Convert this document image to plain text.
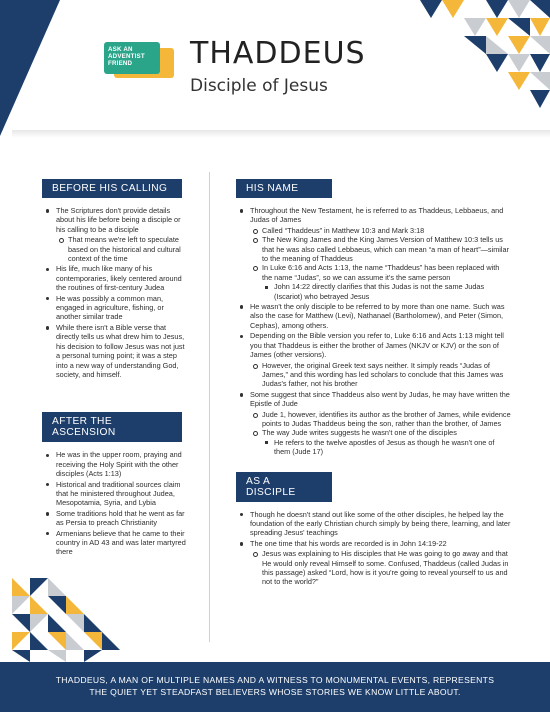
ASK AN ADVENTIST FRIEND	THADDEUS
Disciple of Jesus
BEFORE HIS CALLING
The Scriptures don't provide details about his life before being a disciple or his calling to be a disciple
That means we're left to speculate based on the historical and cultural context of the time
His life, much like many of his contemporaries, likely centered around the routines of first-century Judea
He was possibly a common man, engaged in agriculture, fishing, or another similar trade
While there isn't a Bible verse that directly tells us what drew him to Jesus, his decision to follow Jesus was not just a personal turning point; it was a step into a new way of understanding God, society, and himself.
AFTER THE ASCENSION
He was in the upper room, praying and receiving the Holy Spirit with the other disciples (Acts 1:13)
Historical and traditional sources claim that he ministered throughout Judea, Mesopotamia, Syria, and Lybia
Some traditions hold that he went as far as Persia to preach Christianity
Armenians believe that he came to their country in AD 43 and was later martyred there
HIS NAME
Throughout the New Testament, he is referred to as Thaddeus, Lebbaeus, and Judas of James
Called “Thaddeus” in Matthew 10:3 and Mark 3:18
The New King James and the King James Version of Matthew 10:3 tells us that he was also called Lebbaeus, which can mean “a man of heart”—similar to the meaning of Thaddeus
In Luke 6:16 and Acts 1:13, the name “Thaddeus” has been replaced with the name “Judas”, so we can assume it's the same person
John 14:22 directly clarifies that this Judas is not the same Judas (Iscariot) who betrayed Jesus
He wasn't the only disciple to be referred to by more than one name. Such was also the case for Matthew (Levi), Nathanael (Bartholomew), and Peter (Simon, Cephas), among others.
Depending on the Bible version you refer to, Luke 6:16 and Acts 1:13 might tell you that Thaddeus is either the brother of James (NKJV or KJV) or the son of James (other versions).
However, the original Greek text says neither. It simply reads “Judas of James,” and this wording has led scholars to conclude that this James was Judas's father, not his brother
Some suggest that since Thaddeus also went by Judas, he may have written the Epistle of Jude
Jude 1, however, identifies its author as the brother of James, while evidence points to Judas Thaddeus being the son, rather than the brother, of James
The way Jude writes suggests he wasn't one of the disciples
He refers to the twelve apostles of Jesus as though he wasn't one of them (Jude 17)
AS A DISCIPLE
Though he doesn't stand out like some of the other disciples, he helped lay the foundation of the early Christian church simply by being there, learning, and later spreading Jesus' teachings
The one time that his words are recorded is in John 14:19-22
Jesus was explaining to His disciples that He was going to go away and that He would only reveal Himself to some. Confused, Thaddeus (called Judas in this passage) asked “Lord, how is it you're going to reveal yourself to us and not to the world?”
THADDEUS, A MAN OF MULTIPLE NAMES AND A WITNESS TO MONUMENTAL EVENTS, REPRESENTS
THE QUIET YET STEADFAST BELIEVERS WHOSE STORIES WE KNOW LITTLE ABOUT.
